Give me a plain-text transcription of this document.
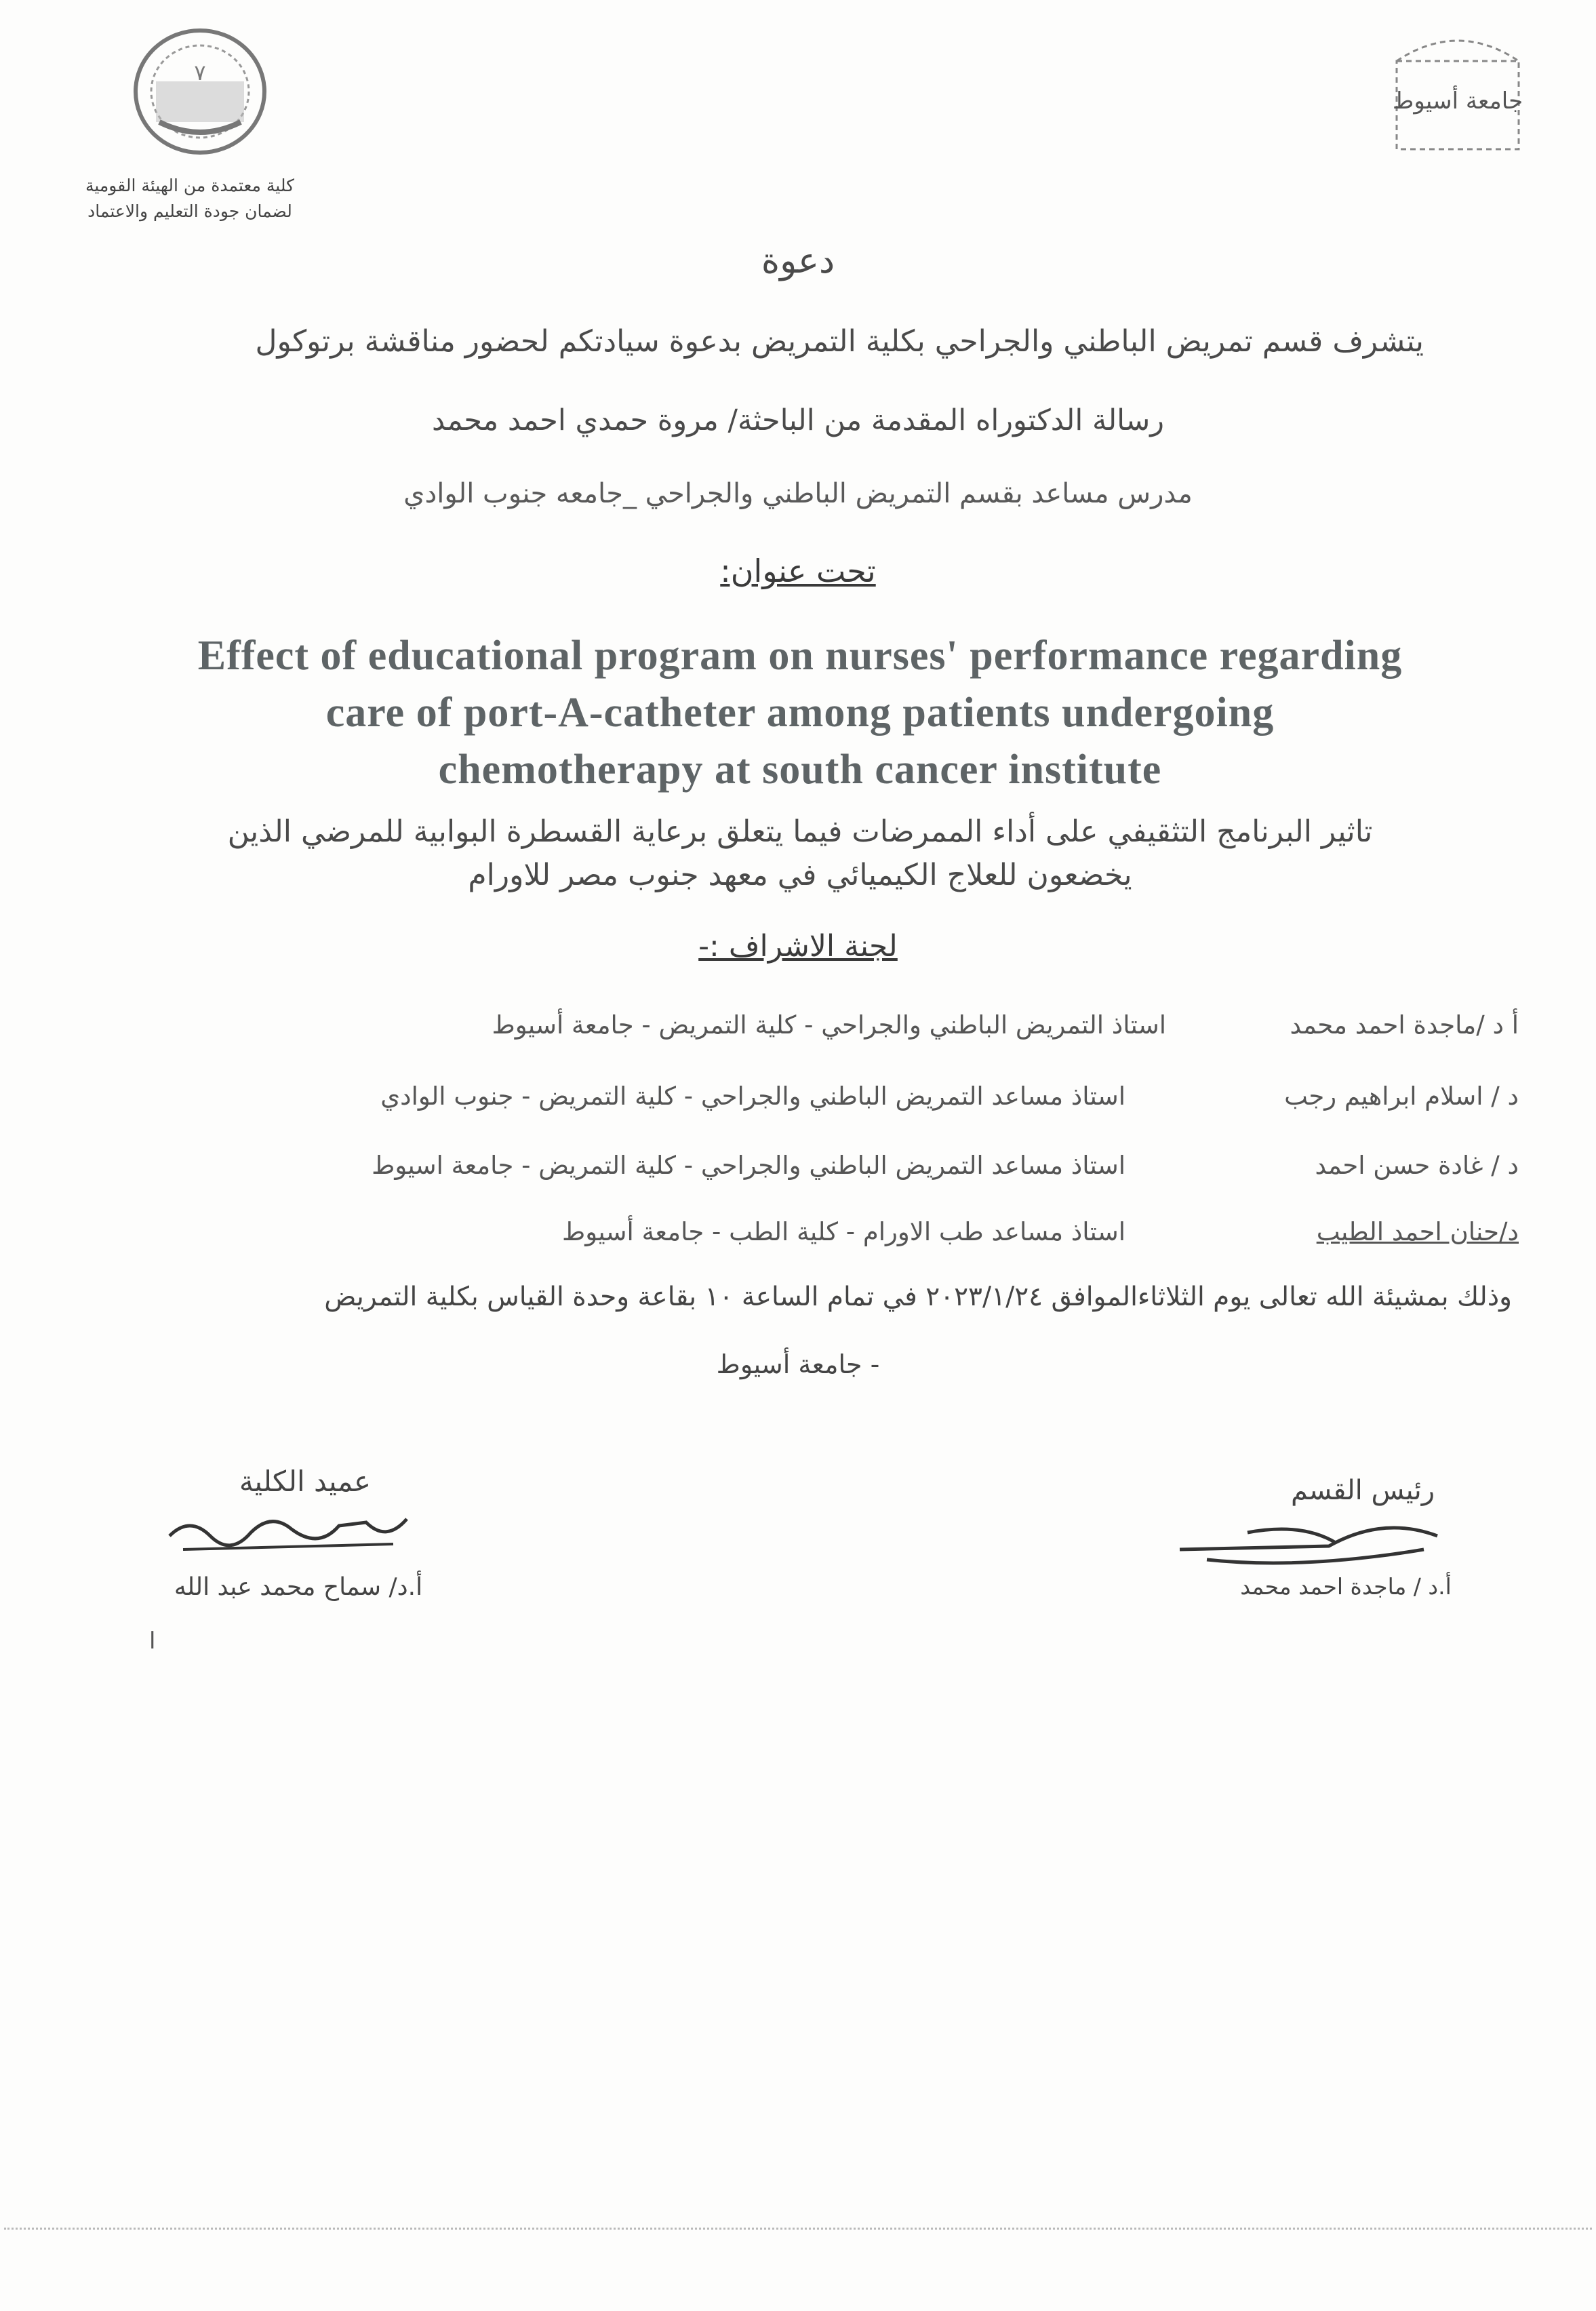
٧
جامعة أسيوط
كلية معتمدة من الهيئة القومية
لضمان جودة التعليم والاعتماد
دعوة
يتشرف قسم تمريض الباطني والجراحي بكلية التمريض بدعوة سيادتكم لحضور مناقشة برتوكول
رسالة الدكتوراه المقدمة من الباحثة/ مروة حمدي احمد محمد
مدرس مساعد بقسم التمريض الباطني والجراحي _جامعه جنوب الوادي
تحت عنوان:
Effect of educational program on nurses' performance regarding
care of port-A-catheter among patients undergoing
chemotherapy at south cancer institute
تاثير البرنامج التثقيفي على أداء الممرضات فيما يتعلق برعاية القسطرة البوابية للمرضي الذين
يخضعون للعلاج الكيميائي في معهد جنوب مصر للاورام
لجنة الاشراف :-
أ د /ماجدة احمد محمد
استاذ التمريض الباطني والجراحي - كلية التمريض - جامعة أسيوط
د / اسلام ابراهيم رجب
استاذ مساعد التمريض الباطني والجراحي - كلية التمريض - جنوب الوادي
د / غادة حسن احمد
استاذ مساعد التمريض الباطني والجراحي - كلية التمريض - جامعة اسيوط
د/حنان احمد الطيب
استاذ مساعد طب الاورام - كلية الطب - جامعة أسيوط
وذلك بمشيئة الله تعالى يوم الثلاثاءالموافق ٢٠٢٣/١/٢٤ في تمام الساعة ١٠ بقاعة وحدة القياس بكلية التمريض
- جامعة أسيوط
عميد الكلية
أ.د/ سماح محمد عبد الله
ا
رئيس القسم
أ.د / ماجدة احمد محمد
